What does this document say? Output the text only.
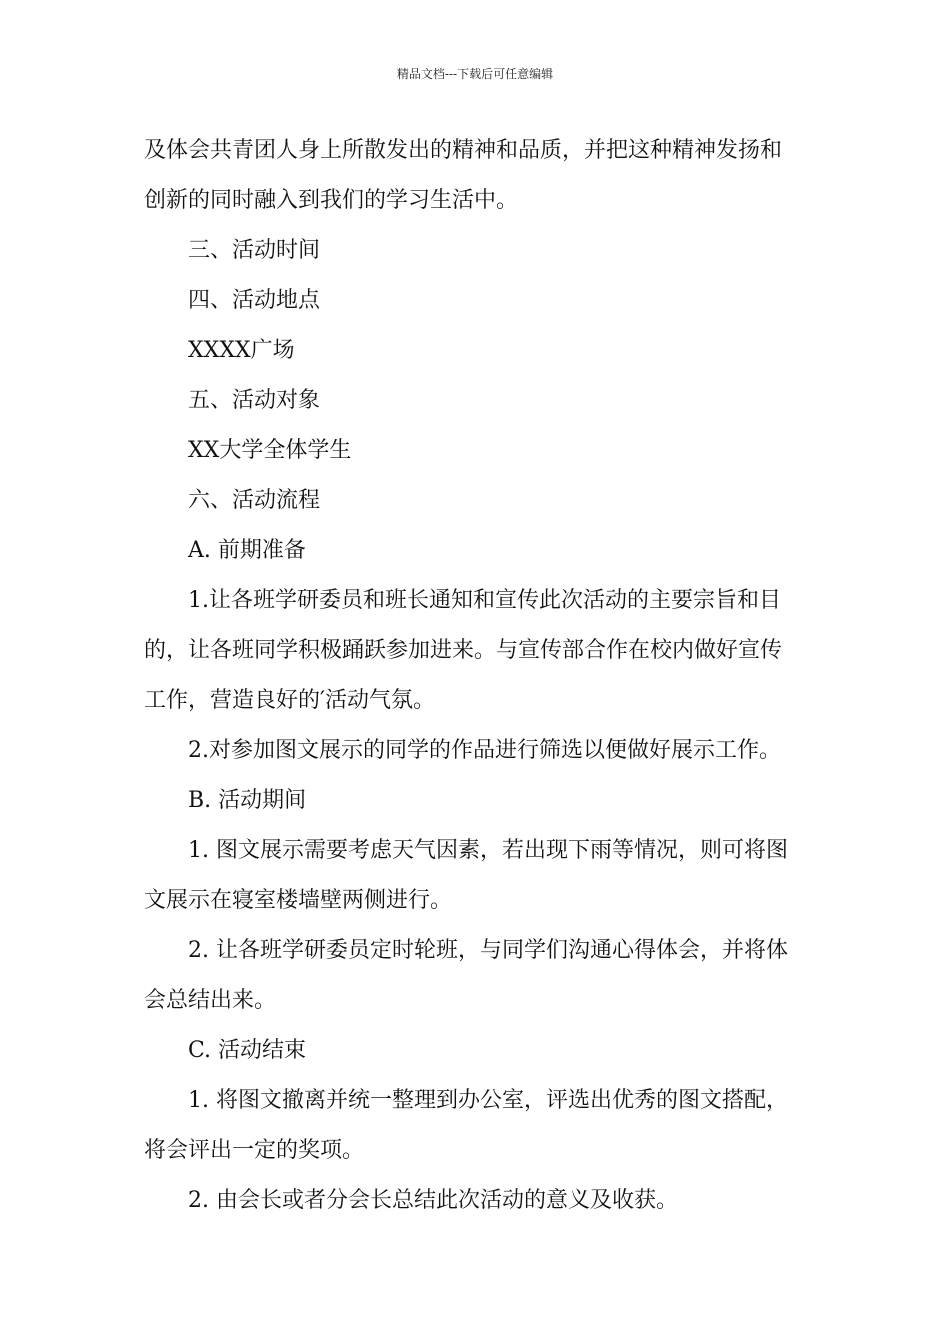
精品文档---下载后可任意编辑
及体会共青团人身上所散发出的精神和品质，并把这种精神发扬和
创新的同时融入到我们的学习生活中。
三、活动时间
四、活动地点
XXXX广场
五、活动对象
XX大学全体学生
六、活动流程
A. 前期准备
1.让各班学研委员和班长通知和宣传此次活动的主要宗旨和目
的，让各班同学积极踊跃参加进来。与宣传部合作在校内做好宣传
工作，营造良好的′活动气氛。
2.对参加图文展示的同学的作品进行筛选以便做好展示工作。
B. 活动期间
1. 图文展示需要考虑天气因素，若出现下雨等情况，则可将图
文展示在寝室楼墙壁两侧进行。
2. 让各班学研委员定时轮班，与同学们沟通心得体会，并将体
会总结出来。
C. 活动结束
1. 将图文撤离并统一整理到办公室，评选出优秀的图文搭配，
将会评出一定的奖项。
2. 由会长或者分会长总结此次活动的意义及收获。
